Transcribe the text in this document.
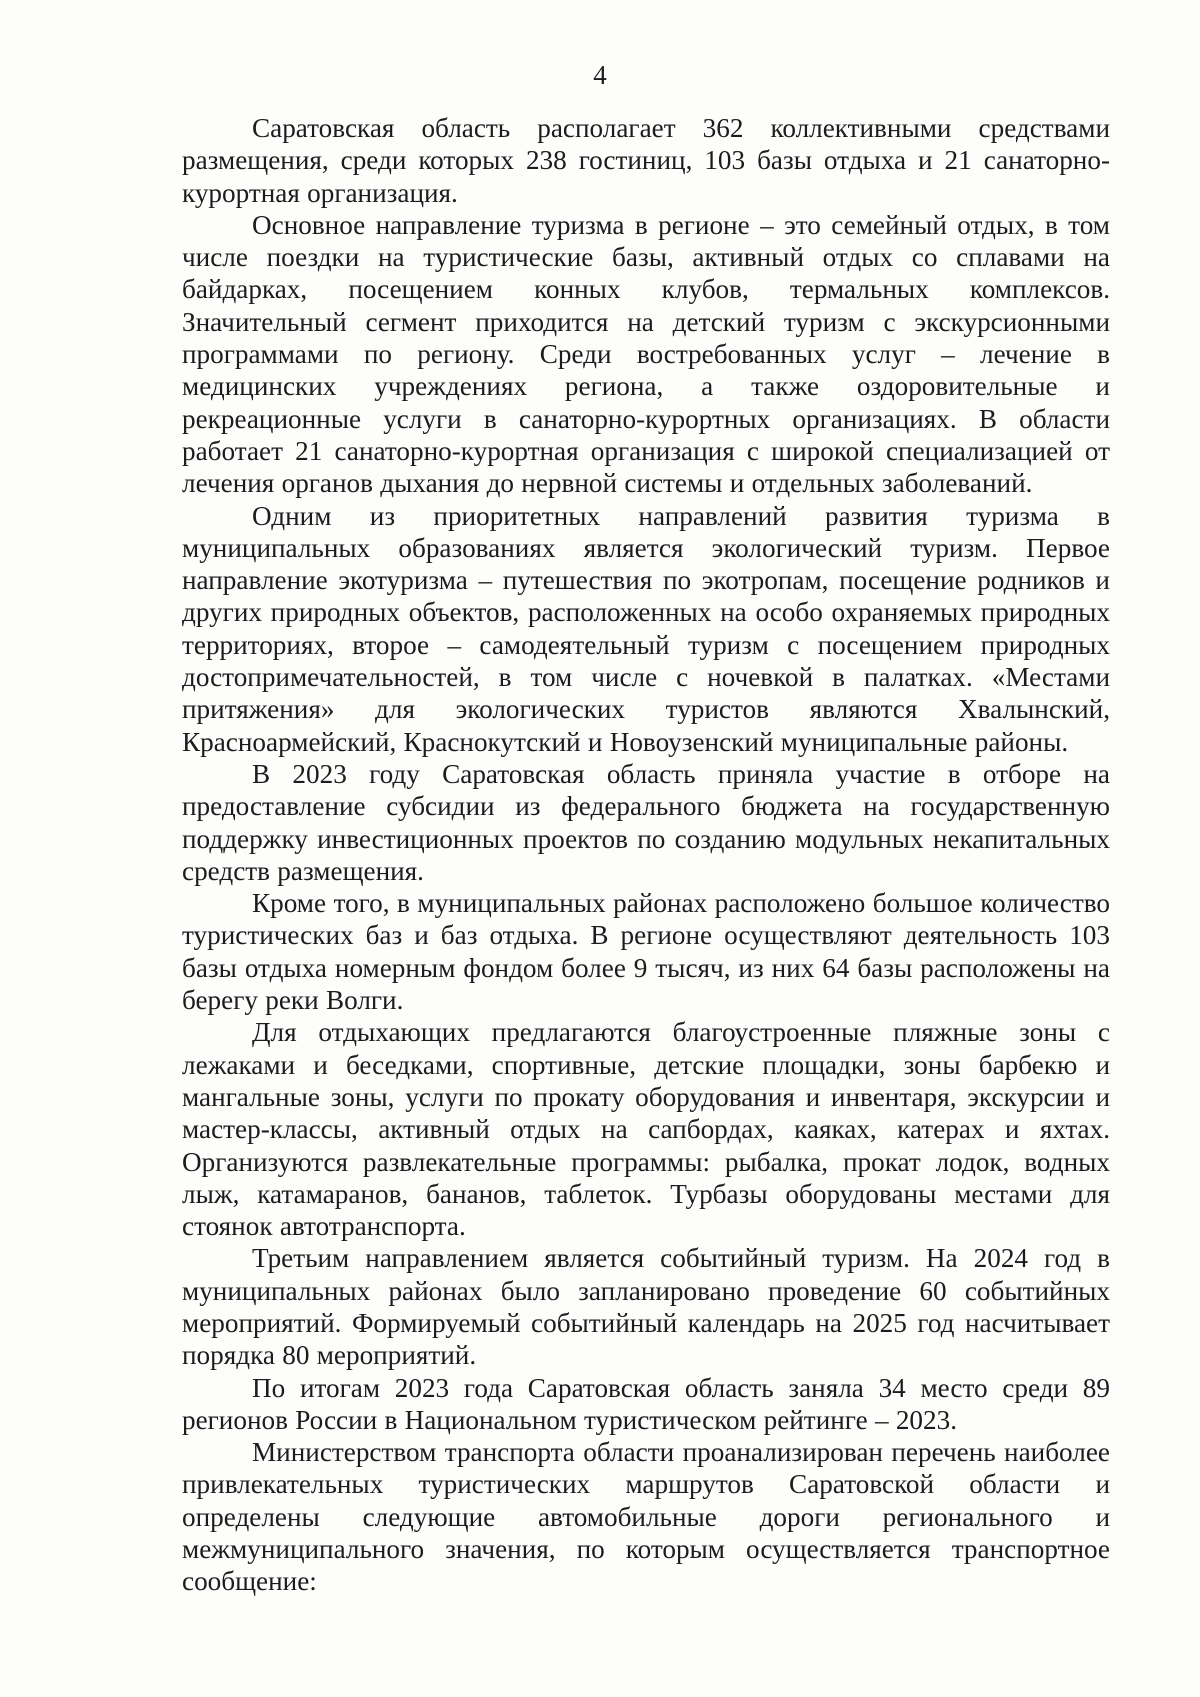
4

Саратовская область располагает 362 коллективными средствами размещения, среди которых 238 гостиниц, 103 базы отдыха и 21 санаторно-курортная организация.

Основное направление туризма в регионе – это семейный отдых, в том числе поездки на туристические базы, активный отдых со сплавами на байдарках, посещением конных клубов, термальных комплексов. Значительный сегмент приходится на детский туризм с экскурсионными программами по региону. Среди востребованных услуг – лечение в медицинских учреждениях региона, а также оздоровительные и рекреационные услуги в санаторно-курортных организациях. В области работает 21 санаторно-курортная организация с широкой специализацией от лечения органов дыхания до нервной системы и отдельных заболеваний.

Одним из приоритетных направлений развития туризма в муниципальных образованиях является экологический туризм. Первое направление экотуризма – путешествия по экотропам, посещение родников и других природных объектов, расположенных на особо охраняемых природных территориях, второе – самодеятельный туризм с посещением природных достопримечательностей, в том числе с ночевкой в палатках. «Местами притяжения» для экологических туристов являются Хвалынский, Красноармейский, Краснокутский и Новоузенский муниципальные районы.

В 2023 году Саратовская область приняла участие в отборе на предоставление субсидии из федерального бюджета на государственную поддержку инвестиционных проектов по созданию модульных некапитальных средств размещения.

Кроме того, в муниципальных районах расположено большое количество туристических баз и баз отдыха. В регионе осуществляют деятельность 103 базы отдыха номерным фондом более 9 тысяч, из них 64 базы расположены на берегу реки Волги.

Для отдыхающих предлагаются благоустроенные пляжные зоны с лежаками и беседками, спортивные, детские площадки, зоны барбекю и мангальные зоны, услуги по прокату оборудования и инвентаря, экскурсии и мастер-классы, активный отдых на сапбордах, каяках, катерах и яхтах. Организуются развлекательные программы: рыбалка, прокат лодок, водных лыж, катамаранов, бананов, таблеток. Турбазы оборудованы местами для стоянок автотранспорта.

Третьим направлением является событийный туризм. На 2024 год в муниципальных районах было запланировано проведение 60 событийных мероприятий. Формируемый событийный календарь на 2025 год насчитывает порядка 80 мероприятий.

По итогам 2023 года Саратовская область заняла 34 место среди 89 регионов России в Национальном туристическом рейтинге – 2023.

Министерством транспорта области проанализирован перечень наиболее привлекательных туристических маршрутов Саратовской области и определены следующие автомобильные дороги регионального и межмуниципального значения, по которым осуществляется транспортное сообщение:
